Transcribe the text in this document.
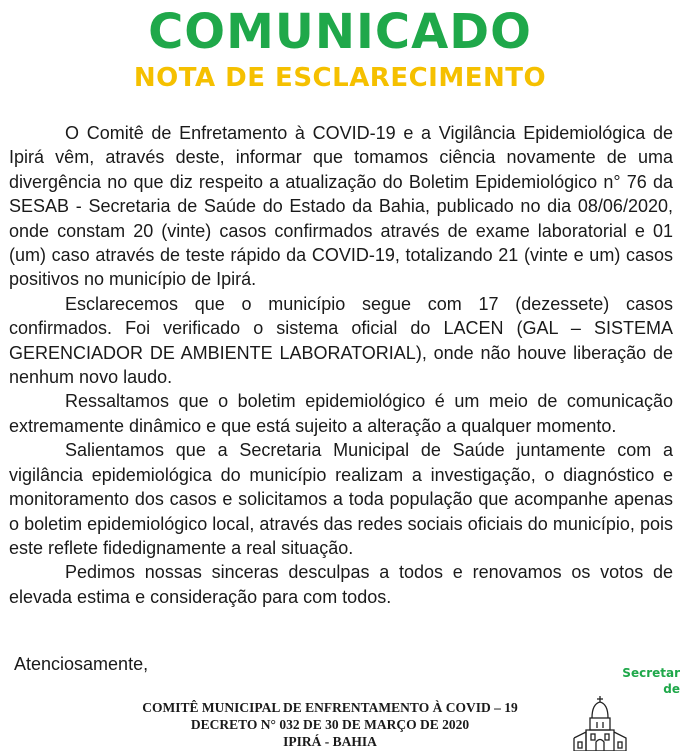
COMUNICADO
NOTA DE ESCLARECIMENTO

O Comitê de Enfretamento à COVID-19 e a Vigilância Epidemiológica de Ipirá vêm, através deste, informar que tomamos ciência novamente de uma divergência no que diz respeito a atualização do Boletim Epidemiológico n° 76 da SESAB - Secretaria de Saúde do Estado da Bahia, publicado no dia 08/06/2020, onde constam 20 (vinte) casos confirmados através de exame laboratorial e 01 (um) caso através de teste rápido da COVID-19, totalizando 21 (vinte e um) casos positivos no município de Ipirá.

Esclarecemos que o município segue com 17 (dezessete) casos confirmados. Foi verificado o sistema oficial do LACEN (GAL – SISTEMA GERENCIADOR DE AMBIENTE LABORATORIAL), onde não houve liberação de nenhum novo laudo.

Ressaltamos que o boletim epidemiológico é um meio de comunicação extremamente dinâmico e que está sujeito a alteração a qualquer momento.

Salientamos que a Secretaria Municipal de Saúde juntamente com a vigilância epidemiológica do município realizam a investigação, o diagnóstico e monitoramento dos casos e solicitamos a toda população que acompanhe apenas o boletim epidemiológico local, através das redes sociais oficiais do município, pois este reflete fidedignamente a real situação.

Pedimos nossas sinceras desculpas a todos e renovamos os votos de elevada estima e consideração para com todos.

Atenciosamente,
COMITÊ MUNICIPAL DE ENFRENTAMENTO À COVID – 19
DECRETO N° 032 DE 30 DE MARÇO DE 2020
IPIRÁ - BAHIA
Secretar
de
